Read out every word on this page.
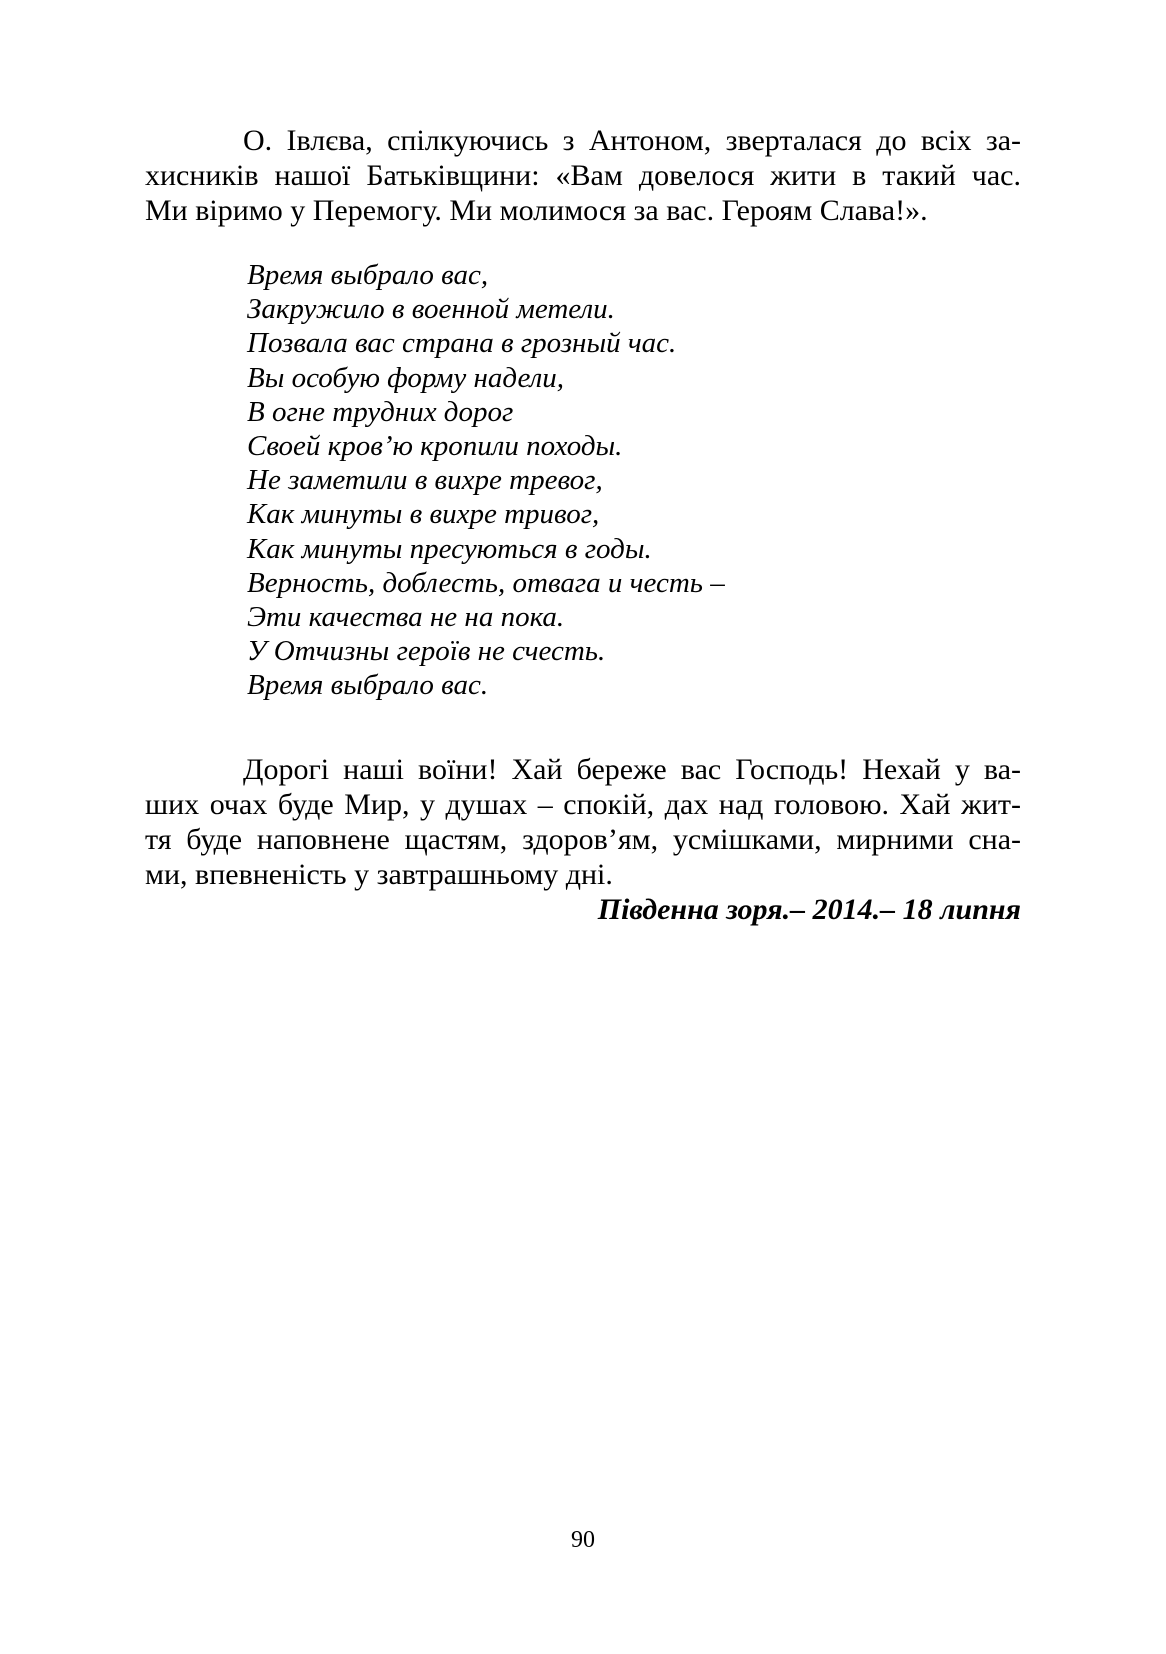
О. Івлєва, спілкуючись з Антоном, зверталася до всіх за-
хисників нашої Батьківщини: «Вам довелося жити в такий час.
Ми віримо у Перемогу. Ми молимося за вас. Героям Слава!».
Время выбрало вас,
Закружило в военной метели.
Позвала вас страна в грозный час.
Вы особую форму надели,
В огне трудних дорог
Своей кров’ю кропили походы.
Не заметили в вихре тревог,
Как минуты в вихре тривог,
Как минуты пресуються в годы.
Верность, доблесть, отвага и честь –
Эти качества не на пока.
У Отчизны героїв не счесть.
Время выбрало вас.
Дорогі наші воїни! Хай береже вас Господь! Нехай у ва-
ших очах буде Мир, у душах – спокій, дах над головою. Хай жит-
тя буде наповнене щастям, здоров’ям, усмішками, мирними сна-
ми, впевненість у завтрашньому дні.
Південна зоря.– 2014.– 18 липня
90
